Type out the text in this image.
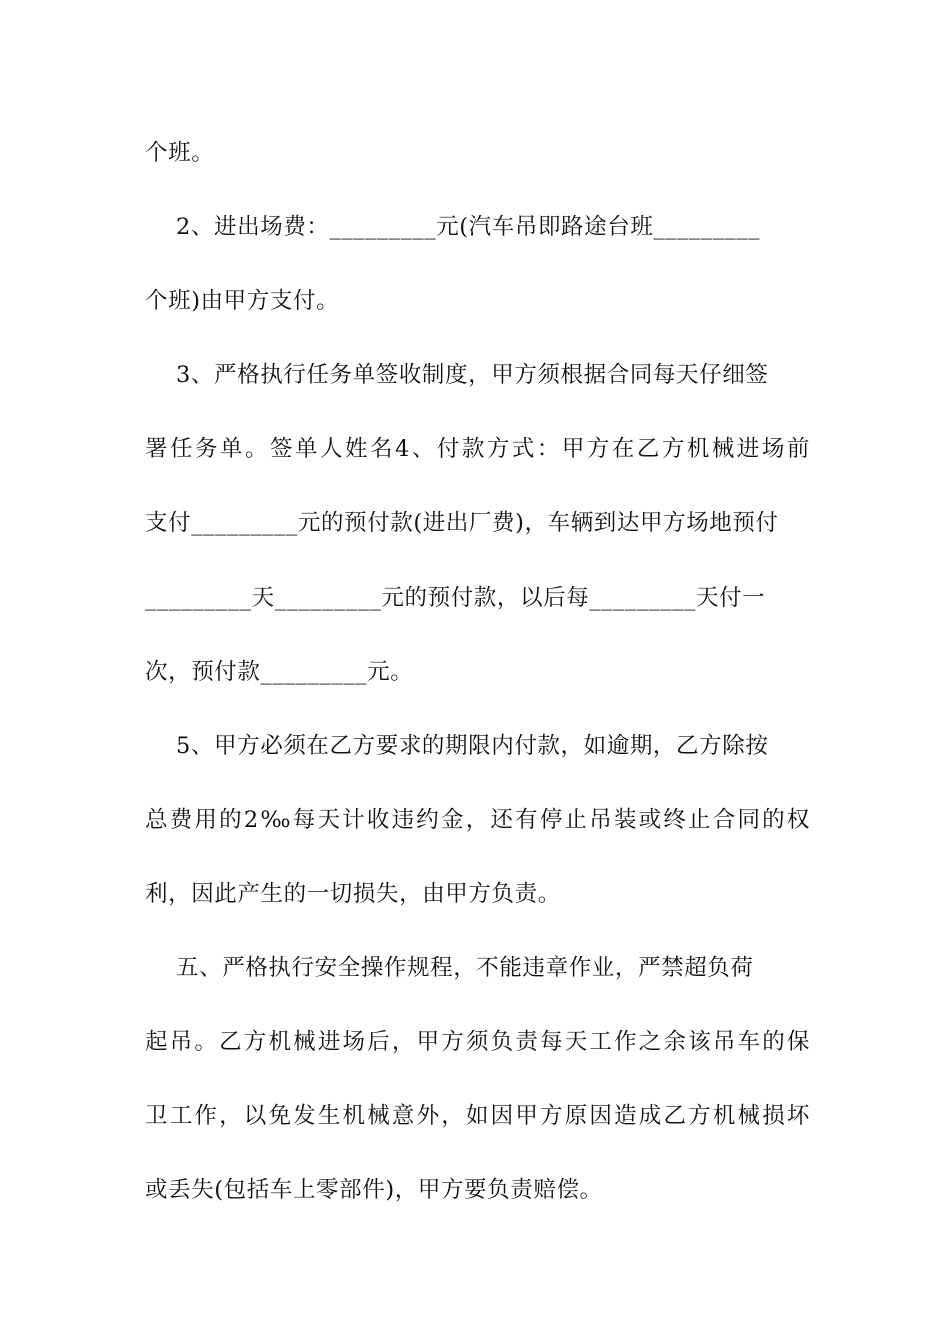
个班。
2、进出场费：_________元(汽车吊即路途台班_________
个班)由甲方支付。
3、严格执行任务单签收制度，甲方须根据合同每天仔细签
署任务单。签单人姓名4、付款方式：甲方在乙方机械进场前
支付_________元的预付款(进出厂费)，车辆到达甲方场地预付
_________天_________元的预付款，以后每_________天付一
次，预付款_________元。
5、甲方必须在乙方要求的期限内付款，如逾期，乙方除按
总费用的2‰每天计收违约金，还有停止吊装或终止合同的权
利，因此产生的一切损失，由甲方负责。
五、严格执行安全操作规程，不能违章作业，严禁超负荷
起吊。乙方机械进场后，甲方须负责每天工作之余该吊车的保
卫工作，以免发生机械意外，如因甲方原因造成乙方机械损坏
或丢失(包括车上零部件)，甲方要负责赔偿。
